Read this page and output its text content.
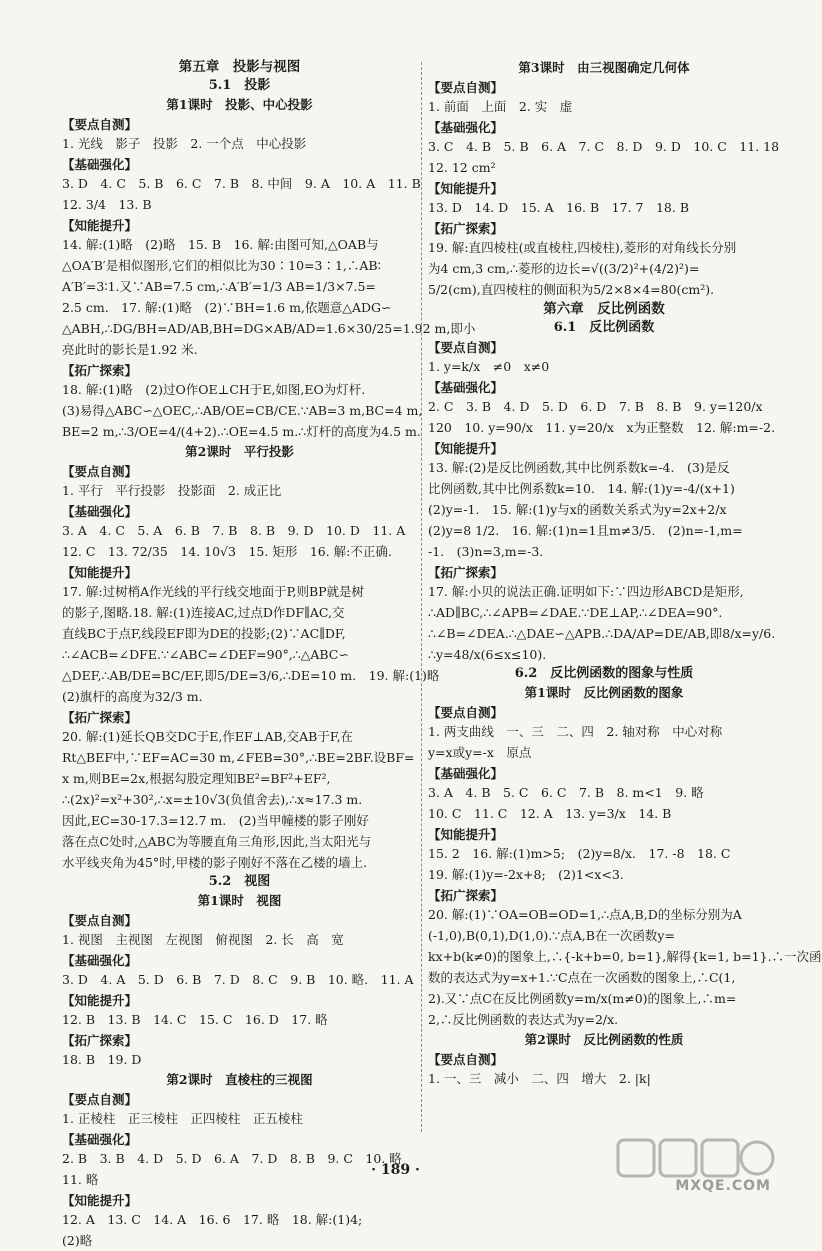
第五章　投影与视图
5.1　投影
第1课时　投影、中心投影
【要点自测】
1. 光线　影子　投影　2. 一个点　中心投影
【基础强化】
3. D　4. C　5. B　6. C　7. B　8. 中间　9. A　10. A　11. B
12. 3/4　13. B
【知能提升】
14. 解:(1)略　(2)略　15. B　16. 解:由图可知,△OAB与
△OA′B′是相似图形,它们的相似比为30∶10=3∶1,∴AB∶
A′B′=3∶1.又∵AB=7.5 cm,∴A′B′=1/3 AB=1/3×7.5=
2.5 cm.　17. 解:(1)略　(2)∵BH=1.6 m,依题意△ADG∽
△ABH,∴DG/BH=AD/AB,BH=DG×AB/AD=1.6×30/25=1.92 m,即小
亮此时的影长是1.92 米.
【拓广探索】
18. 解:(1)略　(2)过O作OE⊥CH于E,如图,EO为灯杆.
(3)易得△ABC∽△OEC,∴AB/OE=CB/CE.∵AB=3 m,BC=4 m,
BE=2 m,∴3/OE=4/(4+2).∴OE=4.5 m.∴灯杆的高度为4.5 m.
第2课时　平行投影
【要点自测】
1. 平行　平行投影　投影面　2. 成正比
【基础强化】
3. A　4. C　5. A　6. B　7. B　8. B　9. D　10. D　11. A
12. C　13. 72/35　14. 10√3　15. 矩形　16. 解:不正确.
【知能提升】
17. 解:过树梢A作光线的平行线交地面于P,则BP就是树
的影子,图略.18. 解:(1)连接AC,过点D作DF∥AC,交
直线BC于点F,线段EF即为DE的投影;(2)∵AC∥DF,
∴∠ACB=∠DFE.∵∠ABC=∠DEF=90°,∴△ABC∽
△DEF,∴AB/DE=BC/EF,即5/DE=3/6,∴DE=10 m.　19. 解:(1)略
(2)旗杆的高度为32/3 m.
【拓广探索】
20. 解:(1)延长QB交DC于E,作EF⊥AB,交AB于F,在
Rt△BEF中,∵EF=AC=30 m,∠FEB=30°,∴BE=2BF.设BF=
x m,则BE=2x,根据勾股定理知BE²=BF²+EF²,
∴(2x)²=x²+30²,∴x=±10√3(负值舍去),∴x≈17.3 m.
因此,EC=30-17.3=12.7 m.　(2)当甲幢楼的影子刚好
落在点C处时,△ABC为等腰直角三角形,因此,当太阳光与
水平线夹角为45°时,甲楼的影子刚好不落在乙楼的墙上.
5.2　视图
第1课时　视图
【要点自测】
1. 视图　主视图　左视图　俯视图　2. 长　高　宽
【基础强化】
3. D　4. A　5. D　6. B　7. D　8. C　9. B　10. 略.　11. A
【知能提升】
12. B　13. B　14. C　15. C　16. D　17. 略
【拓广探索】
18. B　19. D
第2课时　直棱柱的三视图
【要点自测】
1. 正棱柱　正三棱柱　正四棱柱　正五棱柱
【基础强化】
2. B　3. B　4. D　5. D　6. A　7. D　8. B　9. C　10. 略
11. 略
【知能提升】
12. A　13. C　14. A　16. 6　17. 略　18. 解:(1)4;
(2)略
第3课时　由三视图确定几何体
【要点自测】
1. 前面　上面　2. 实　虚
【基础强化】
3. C　4. B　5. B　6. A　7. C　8. D　9. D　10. C　11. 18
12. 12 cm²
【知能提升】
13. D　14. D　15. A　16. B　17. 7　18. B
【拓广探索】
19. 解:直四棱柱(或直棱柱,四棱柱),菱形的对角线长分别
为4 cm,3 cm,∴菱形的边长=√((3/2)²+(4/2)²)=
5/2(cm),直四棱柱的侧面积为5/2×8×4=80(cm²).
第六章　反比例函数
6.1　反比例函数
【要点自测】
1. y=k/x　≠0　x≠0
【基础强化】
2. C　3. B　4. D　5. D　6. D　7. B　8. B　9. y=120/x
120　10. y=90/x　11. y=20/x　x为正整数　12. 解:m=-2.
【知能提升】
13. 解:(2)是反比例函数,其中比例系数k=-4.　(3)是反
比例函数,其中比例系数k=10.　14. 解:(1)y=-4/(x+1)
(2)y=-1.　15. 解:(1)y与x的函数关系式为y=2x+2/x
(2)y=8 1/2.　16. 解:(1)n=1且m≠3/5.　(2)n=-1,m=
-1.　(3)n=3,m=-3.
【拓广探索】
17. 解:小贝的说法正确.证明如下:∵四边形ABCD是矩形,
∴AD∥BC,∴∠APB=∠DAE.∵DE⊥AP,∴∠DEA=90°.
∴∠B=∠DEA.∴△DAE∽△APB.∴DA/AP=DE/AB,即8/x=y/6.
∴y=48/x(6≤x≤10).
6.2　反比例函数的图象与性质
第1课时　反比例函数的图象
【要点自测】
1. 两支曲线　一、三　二、四　2. 轴对称　中心对称
y=x或y=-x　原点
【基础强化】
3. A　4. B　5. C　6. C　7. B　8. m<1　9. 略
10. C　11. C　12. A　13. y=3/x　14. B
【知能提升】
15. 2　16. 解:(1)m>5;　(2)y=8/x.　17. -8　18. C
19. 解:(1)y=-2x+8;　(2)1<x<3.
【拓广探索】
20. 解:(1)∵OA=OB=OD=1,∴点A,B,D的坐标分别为A
(-1,0),B(0,1),D(1,0).∵点A,B在一次函数y=
kx+b(k≠0)的图象上,∴{-k+b=0, b=1},解得{k=1, b=1}.∴一次函
数的表达式为y=x+1.∵C点在一次函数的图象上,∴C(1,
2).又∵点C在反比例函数y=m/x(m≠0)的图象上,∴m=
2,∴反比例函数的表达式为y=2/x.
第2课时　反比例函数的性质
【要点自测】
1. 一、三　减小　二、四　增大　2. |k|
· 189 ·
MXQE.COM
